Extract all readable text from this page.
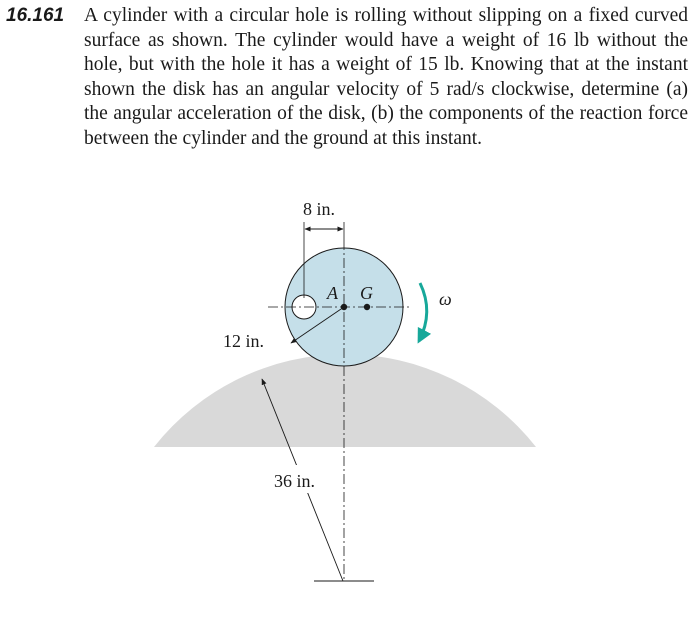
16.161 A cylinder with a circular hole is rolling without slipping on a fixed curved surface as shown. The cylinder would have a weight of 16 lb without the hole, but with the hole it has a weight of 15 lb. Knowing that at the instant shown the disk has an angular velocity of 5 rad/s clockwise, determine (a) the angular acceleration of the disk, (b) the components of the reaction force between the cylinder and the ground at this instant.
8 in.
A G
12 in.
ω
36 in.
